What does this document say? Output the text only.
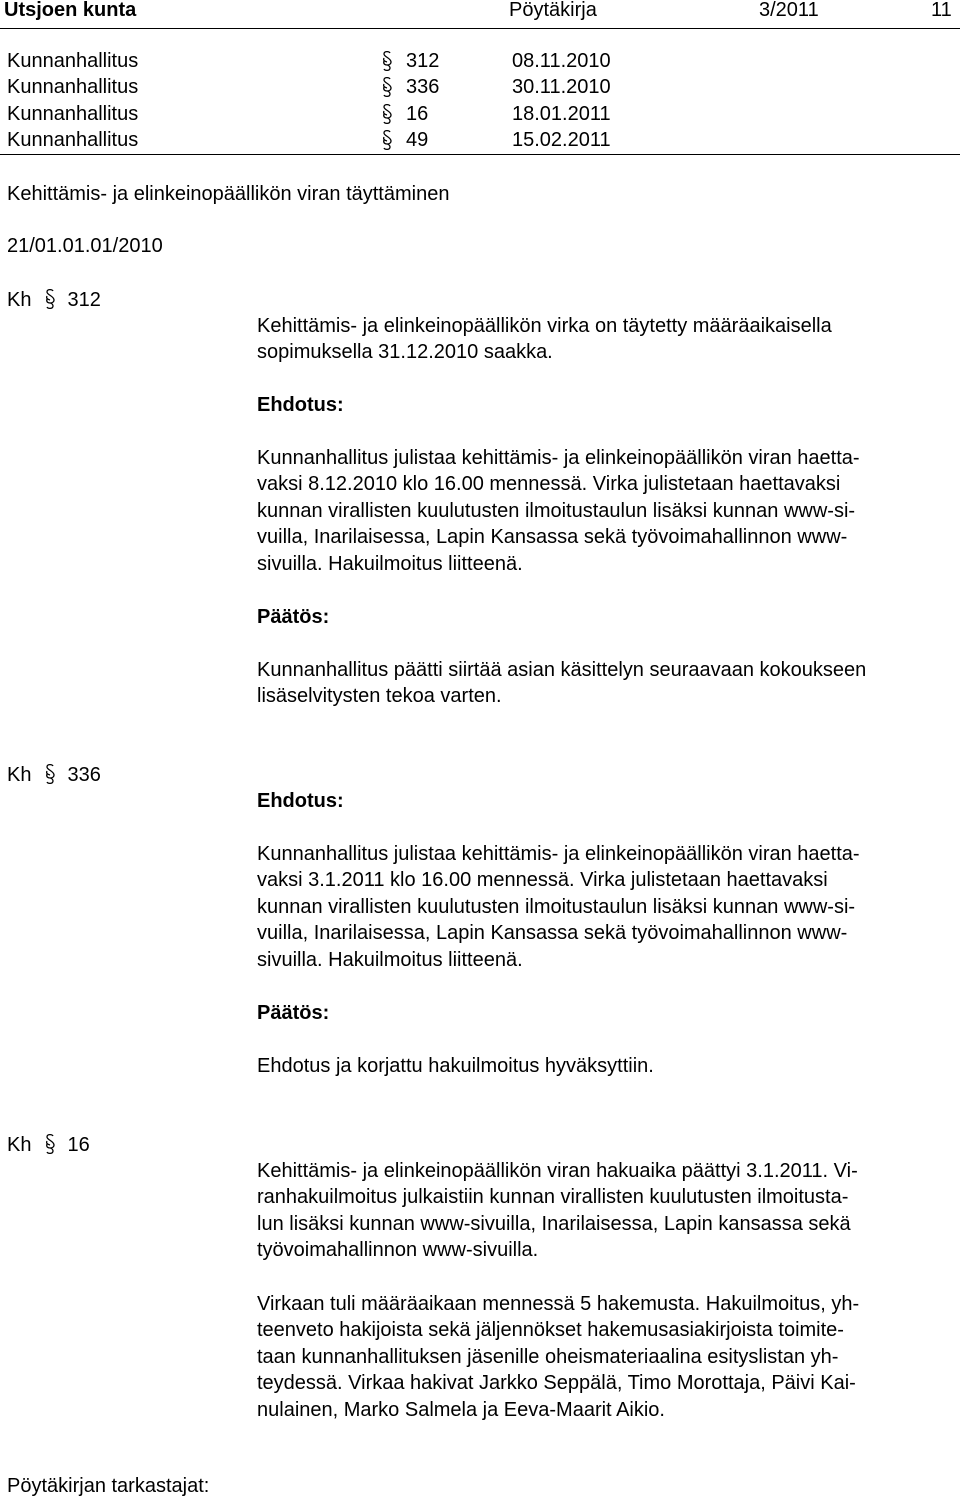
Utsjoen kunta	Pöytäkirja	3/2011	11
Kunnanhallitus	312	08.11.2010
Kunnanhallitus	336	30.11.2010
Kunnanhallitus	16	18.01.2011
Kunnanhallitus	49	15.02.2011
Kehittämis- ja elinkeinopäällikön viran täyttäminen
21/01.01.01/2010
Kh 312
Kehittämis- ja elinkeinopäällikön virka on täytetty määräaikaisella
sopimuksella 31.12.2010 saakka.
Ehdotus:
Kunnanhallitus julistaa kehittämis- ja elinkeinopäällikön viran haetta-
vaksi 8.12.2010 klo 16.00 mennessä. Virka julistetaan haettavaksi
kunnan virallisten kuulutusten ilmoitustaulun lisäksi kunnan www-si-
vuilla, Inarilaisessa, Lapin Kansassa sekä työvoimahallinnon www-
sivuilla. Hakuilmoitus liitteenä.
Päätös:
Kunnanhallitus päätti siirtää asian käsittelyn seuraavaan kokoukseen
lisäselvitysten tekoa varten.
Kh 336
Ehdotus:
Kunnanhallitus julistaa kehittämis- ja elinkeinopäällikön viran haetta-
vaksi 3.1.2011 klo 16.00 mennessä. Virka julistetaan haettavaksi
kunnan virallisten kuulutusten ilmoitustaulun lisäksi kunnan www-si-
vuilla, Inarilaisessa, Lapin Kansassa sekä työvoimahallinnon www-
sivuilla. Hakuilmoitus liitteenä.
Päätös:
Ehdotus ja korjattu hakuilmoitus hyväksyttiin.
Kh 16
Kehittämis- ja elinkeinopäällikön viran hakuaika päättyi 3.1.2011. Vi-
ranhakuilmoitus julkaistiin kunnan virallisten kuulutusten ilmoitusta-
lun lisäksi kunnan www-sivuilla, Inarilaisessa, Lapin kansassa sekä
työvoimahallinnon www-sivuilla.
Virkaan tuli määräaikaan mennessä 5 hakemusta. Hakuilmoitus, yh-
teenveto hakijoista sekä jäljennökset hakemusasiakirjoista toimite-
taan kunnanhallituksen jäsenille oheismateriaalina esityslistan yh-
teydessä. Virkaa hakivat Jarkko Seppälä, Timo Morottaja, Päivi Kai-
nulainen, Marko Salmela ja Eeva-Maarit Aikio.
Pöytäkirjan tarkastajat:
